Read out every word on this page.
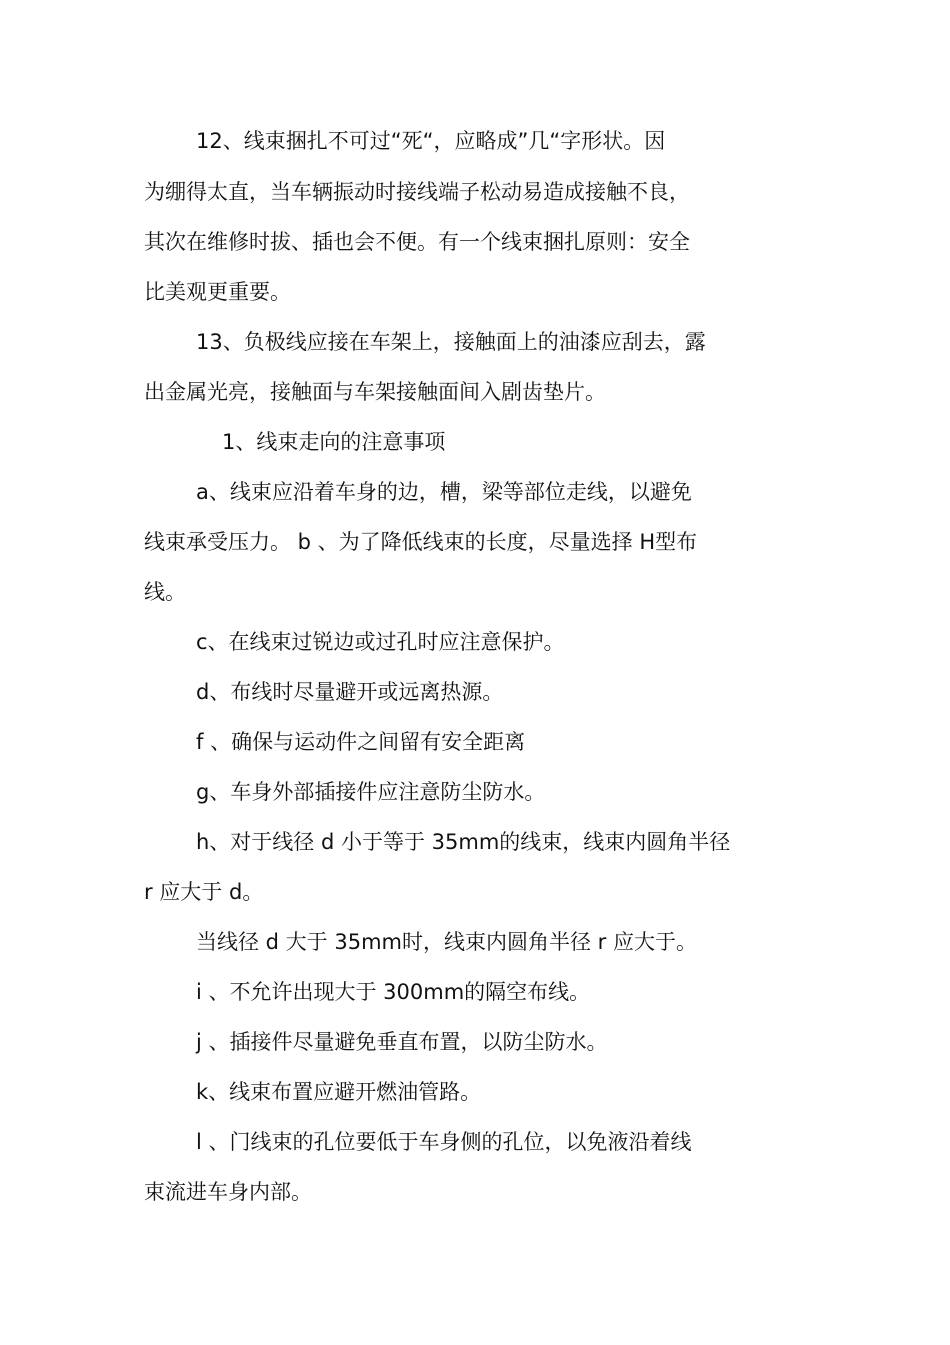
12、线束捆扎不可过“死“，应略成”几“字形状。因
为绷得太直，当车辆振动时接线端子松动易造成接触不良，
其次在维修时拔、插也会不便。有一个线束捆扎原则：安全
比美观更重要。
13、负极线应接在车架上，接触面上的油漆应刮去，露
出金属光亮，接触面与车架接触面间入剧齿垫片。
1、线束走向的注意事项
a、线束应沿着车身的边，槽，梁等部位走线，以避免
线束承受压力。 b 、为了降低线束的长度，尽量选择 H型布
线。
c、在线束过锐边或过孔时应注意保护。
d、布线时尽量避开或远离热源。
f 、确保与运动件之间留有安全距离
g、车身外部插接件应注意防尘防水。
h、对于线径 d 小于等于 35mm的线束，线束内圆角半径
r 应大于 d。
当线径 d 大于 35mm时，线束内圆角半径 r 应大于。
i 、不允许出现大于 300mm的隔空布线。
j 、插接件尽量避免垂直布置，以防尘防水。
k、线束布置应避开燃油管路。
l 、门线束的孔位要低于车身侧的孔位，以免液沿着线
束流进车身内部。
